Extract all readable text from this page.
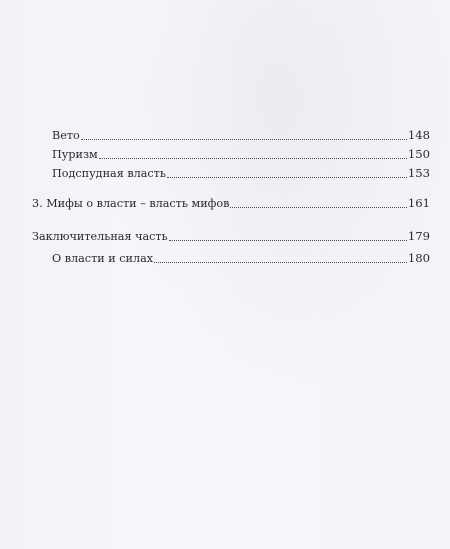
Вето	148
Пуризм	150
Подспудная власть	153
3. Мифы о власти – власть мифов	161
Заключительная часть	179
О власти и силах	180
